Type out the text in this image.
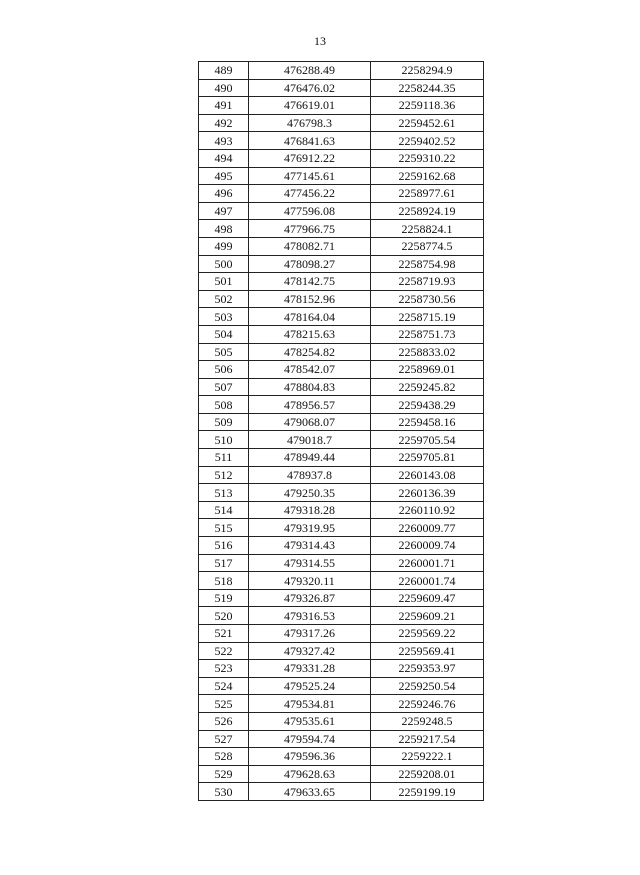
13
489	476288.49	2258294.9
490	476476.02	2258244.35
491	476619.01	2259118.36
492	476798.3	2259452.61
493	476841.63	2259402.52
494	476912.22	2259310.22
495	477145.61	2259162.68
496	477456.22	2258977.61
497	477596.08	2258924.19
498	477966.75	2258824.1
499	478082.71	2258774.5
500	478098.27	2258754.98
501	478142.75	2258719.93
502	478152.96	2258730.56
503	478164.04	2258715.19
504	478215.63	2258751.73
505	478254.82	2258833.02
506	478542.07	2258969.01
507	478804.83	2259245.82
508	478956.57	2259438.29
509	479068.07	2259458.16
510	479018.7	2259705.54
511	478949.44	2259705.81
512	478937.8	2260143.08
513	479250.35	2260136.39
514	479318.28	2260110.92
515	479319.95	2260009.77
516	479314.43	2260009.74
517	479314.55	2260001.71
518	479320.11	2260001.74
519	479326.87	2259609.47
520	479316.53	2259609.21
521	479317.26	2259569.22
522	479327.42	2259569.41
523	479331.28	2259353.97
524	479525.24	2259250.54
525	479534.81	2259246.76
526	479535.61	2259248.5
527	479594.74	2259217.54
528	479596.36	2259222.1
529	479628.63	2259208.01
530	479633.65	2259199.19
